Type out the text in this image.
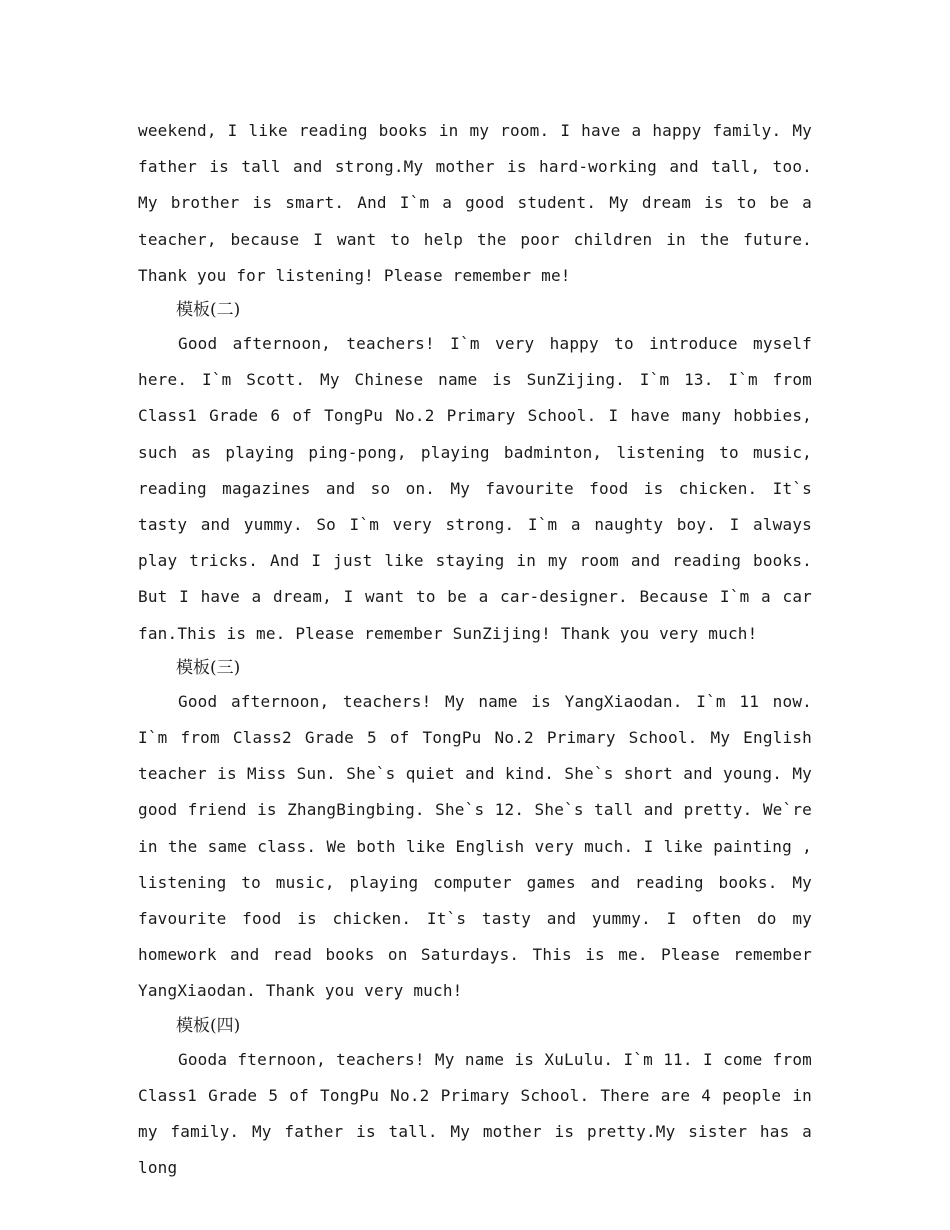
weekend, I like reading books in my room. I have a happy family. My father is tall and strong.My mother is hard-working and tall, too. My brother is smart. And I`m a good student. My dream is to be a teacher, because I want to help the poor children in the future. Thank you for listening! Please remember me!

模板(二)

Good afternoon, teachers! I`m very happy to introduce myself here. I`m Scott. My Chinese name is SunZijing. I`m 13. I`m from Class1 Grade 6 of TongPu No.2 Primary School. I have many hobbies, such as playing ping-pong, playing badminton, listening to music, reading magazines and so on. My favourite food is chicken. It`s tasty and yummy. So I`m very strong. I`m a naughty boy. I always play tricks. And I just like staying in my room and reading books. But I have a dream, I want to be a car-designer. Because I`m a car fan.This is me. Please remember SunZijing! Thank you very much!

模板(三)

Good afternoon, teachers! My name is YangXiaodan. I`m 11 now. I`m from Class2 Grade 5 of TongPu No.2 Primary School. My English teacher is Miss Sun. She`s quiet and kind. She`s short and young. My good friend is ZhangBingbing. She`s 12. She`s tall and pretty. We`re in the same class. We both like English very much. I like painting , listening to music, playing computer games and reading books. My favourite food is chicken. It`s tasty and yummy. I often do my homework and read books on Saturdays. This is me. Please remember YangXiaodan. Thank you very much!

模板(四)

Gooda fternoon, teachers! My name is XuLulu. I`m 11. I come from Class1 Grade 5 of TongPu No.2 Primary School. There are 4 people in my family. My father is tall. My mother is pretty.My sister has a long
